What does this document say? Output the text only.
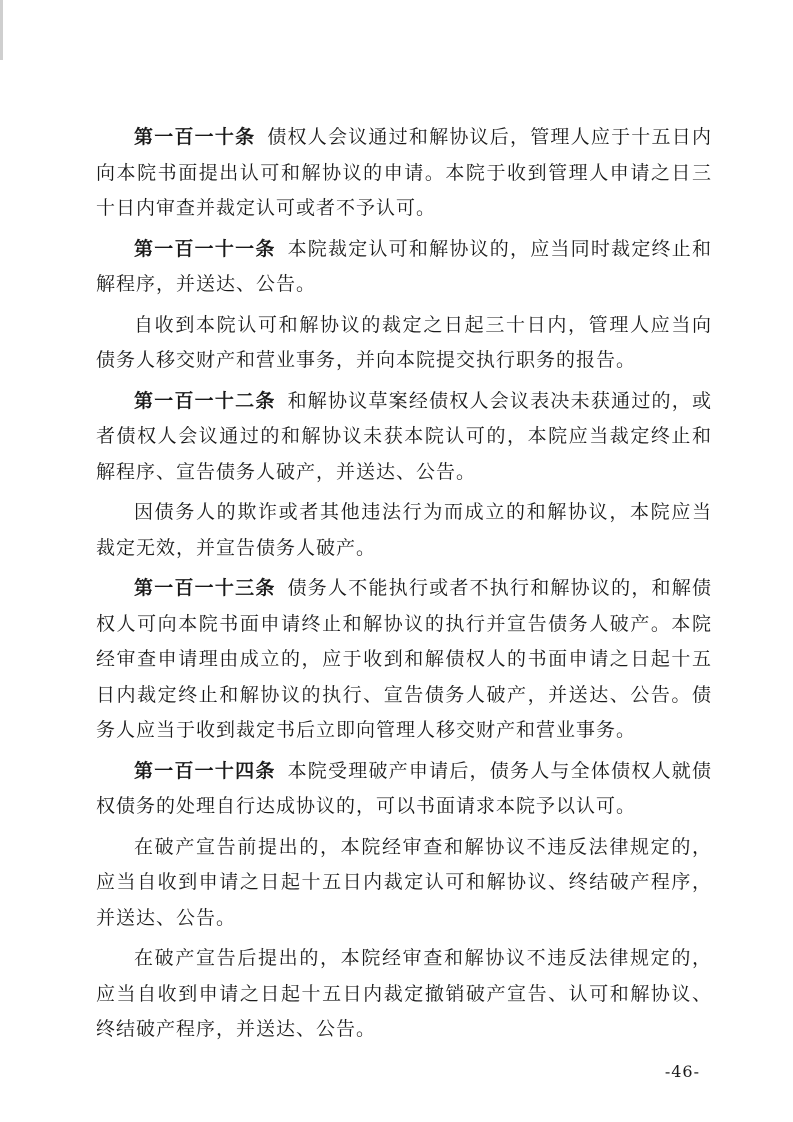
第一百一十条 债权人会议通过和解协议后，管理人应于十五日内向本院书面提出认可和解协议的申请。本院于收到管理人申请之日三十日内审查并裁定认可或者不予认可。

第一百一十一条 本院裁定认可和解协议的，应当同时裁定终止和解程序，并送达、公告。

自收到本院认可和解协议的裁定之日起三十日内，管理人应当向债务人移交财产和营业事务，并向本院提交执行职务的报告。

第一百一十二条 和解协议草案经债权人会议表决未获通过的，或者债权人会议通过的和解协议未获本院认可的，本院应当裁定终止和解程序、宣告债务人破产，并送达、公告。

因债务人的欺诈或者其他违法行为而成立的和解协议，本院应当裁定无效，并宣告债务人破产。

第一百一十三条 债务人不能执行或者不执行和解协议的，和解债权人可向本院书面申请终止和解协议的执行并宣告债务人破产。本院经审查申请理由成立的，应于收到和解债权人的书面申请之日起十五日内裁定终止和解协议的执行、宣告债务人破产，并送达、公告。债务人应当于收到裁定书后立即向管理人移交财产和营业事务。

第一百一十四条 本院受理破产申请后，债务人与全体债权人就债权债务的处理自行达成协议的，可以书面请求本院予以认可。

在破产宣告前提出的，本院经审查和解协议不违反法律规定的，应当自收到申请之日起十五日内裁定认可和解协议、终结破产程序，并送达、公告。

在破产宣告后提出的，本院经审查和解协议不违反法律规定的，应当自收到申请之日起十五日内裁定撤销破产宣告、认可和解协议、终结破产程序，并送达、公告。

-46-
